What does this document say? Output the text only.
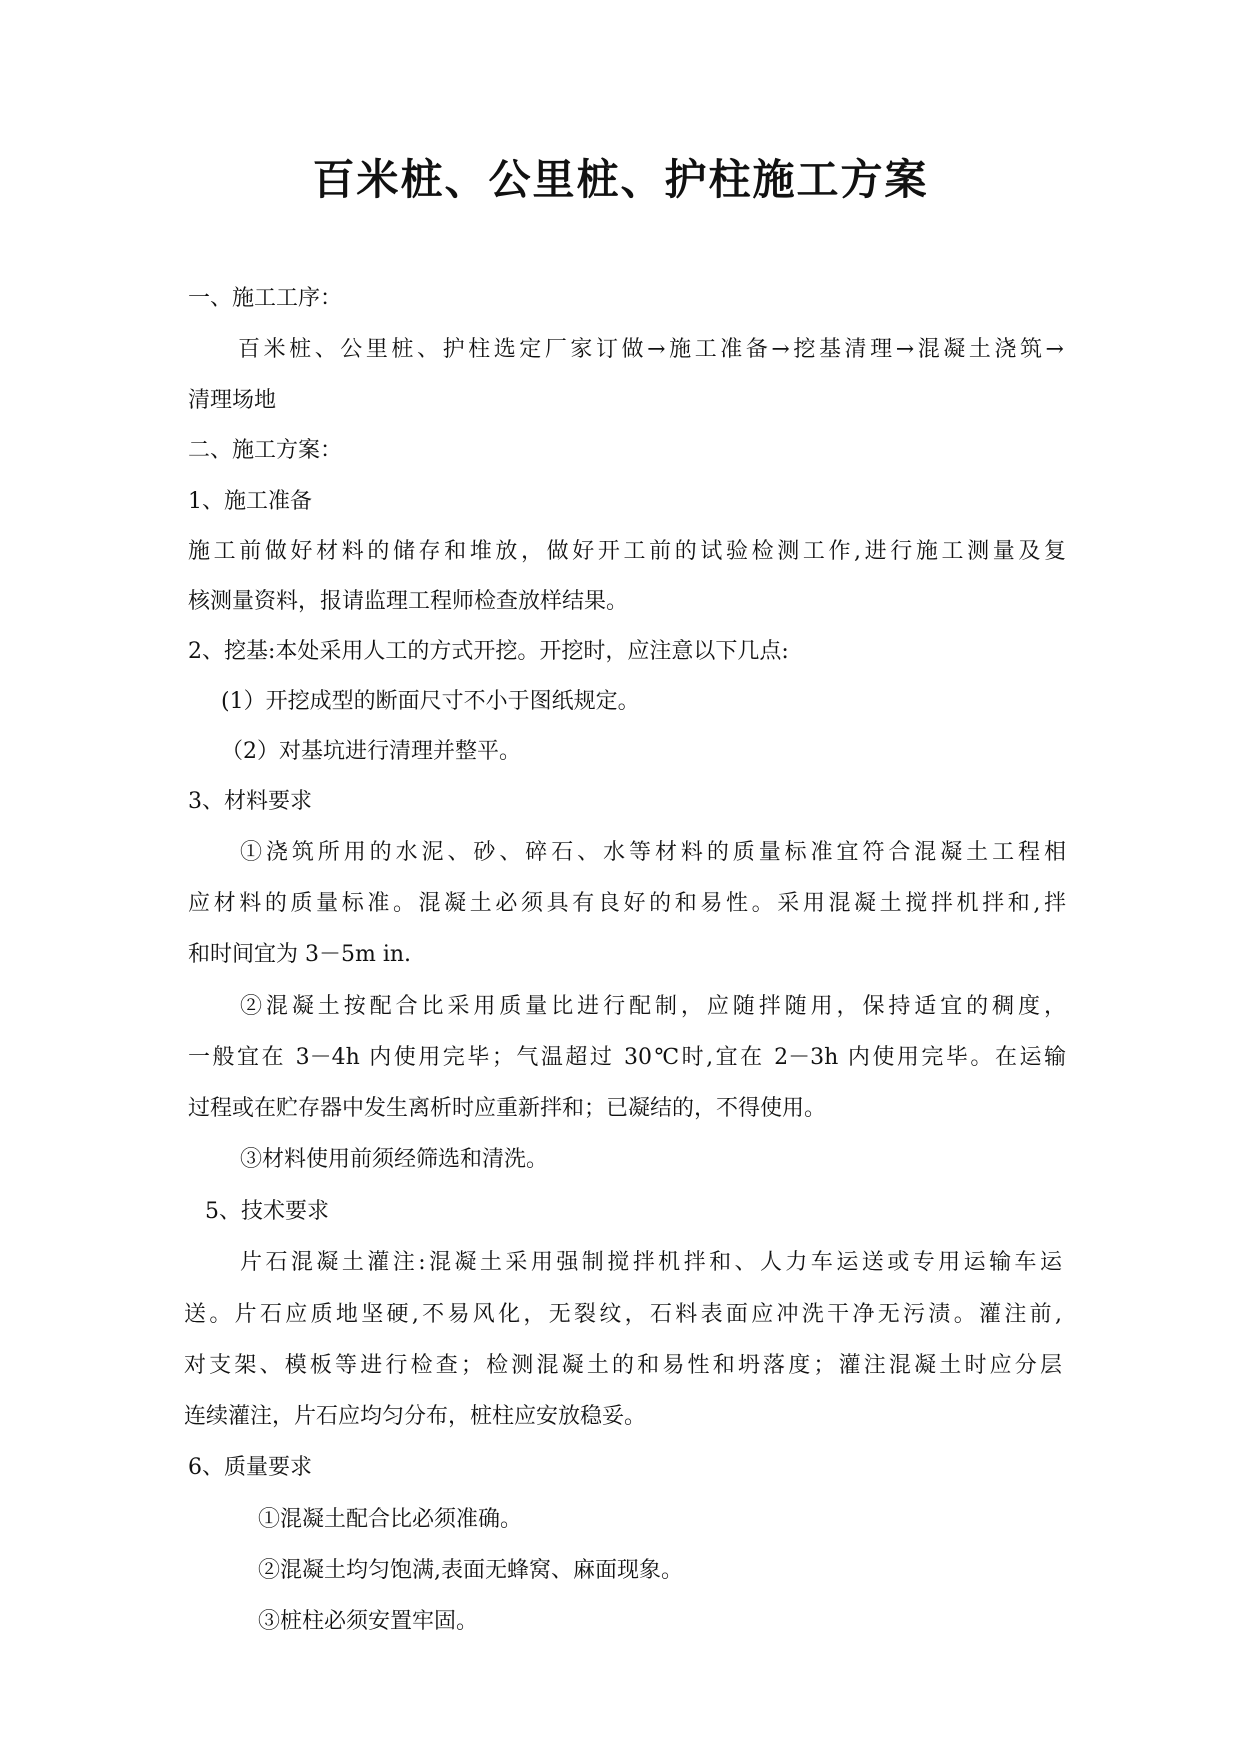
百米桩、公里桩、护柱施工方案
一、施工工序：
百米桩、公里桩、护柱选定厂家订做→施工准备→挖基清理→混凝土浇筑→
清理场地
二、施工方案：
1、施工准备
施工前做好材料的储存和堆放，做好开工前的试验检测工作,进行施工测量及复
核测量资料，报请监理工程师检查放样结果。
2、挖基:本处采用人工的方式开挖。开挖时，应注意以下几点:
(1）开挖成型的断面尺寸不小于图纸规定。
（2）对基坑进行清理并整平。
3、材料要求
①浇筑所用的水泥、砂、碎石、水等材料的质量标准宜符合混凝土工程相
应材料的质量标准。混凝土必须具有良好的和易性。采用混凝土搅拌机拌和,拌
和时间宜为 3－5m in.
②混凝土按配合比采用质量比进行配制，应随拌随用，保持适宜的稠度，
一般宜在 3－4h 内使用完毕；气温超过 30℃时,宜在 2－3h 内使用完毕。在运输
过程或在贮存器中发生离析时应重新拌和；已凝结的，不得使用。
③材料使用前须经筛选和清洗。
5、技术要求
片石混凝土灌注:混凝土采用强制搅拌机拌和、人力车运送或专用运输车运
送。片石应质地坚硬,不易风化，无裂纹，石料表面应冲洗干净无污渍。灌注前,
对支架、模板等进行检查；检测混凝土的和易性和坍落度；灌注混凝土时应分层
连续灌注，片石应均匀分布，桩柱应安放稳妥。
6、质量要求
①混凝土配合比必须准确。
②混凝土均匀饱满,表面无蜂窝、麻面现象。
③桩柱必须安置牢固。
